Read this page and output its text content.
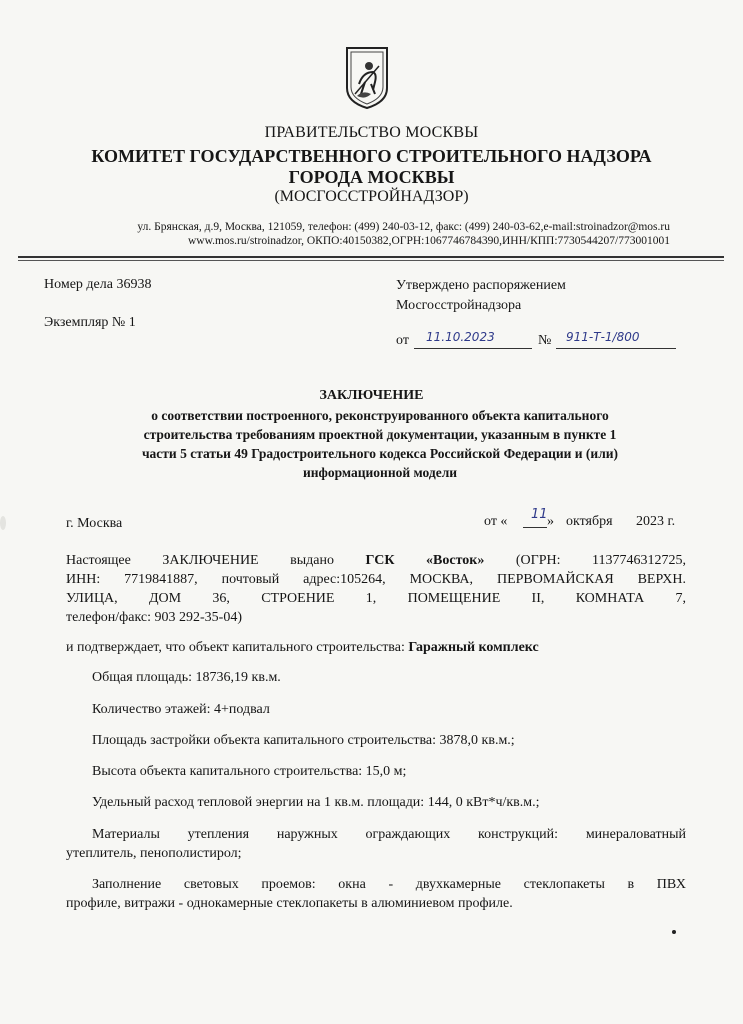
ПРАВИТЕЛЬСТВО МОСКВЫ
КОМИТЕТ ГОСУДАРСТВЕННОГО СТРОИТЕЛЬНОГО НАДЗОРА
ГОРОДА МОСКВЫ
(МОСГОССТРОЙНАДЗОР)
ул. Брянская, д.9, Москва, 121059, телефон: (499) 240-03-12, факс: (499) 240-03-62,e-mail:stroinadzor@mos.ru
www.mos.ru/stroinadzor, ОКПО:40150382,ОГРН:1067746784390,ИНН/КПП:7730544207/773001001
Номер дела 36938
Экземпляр № 1
Утверждено распоряжением
Мосгосстройнадзора
от 11.10.2023	№ 911-Т-1/800
ЗАКЛЮЧЕНИЕ
о соответствии построенного, реконструированного объекта капитального
строительства требованиям проектной документации, указанным в пункте 1
части 5 статьи 49 Градостроительного кодекса Российской Федерации и (или)
информационной модели
г. Москва	от « 11 » октября 2023 г.
Настоящее ЗАКЛЮЧЕНИЕ выдано ГСК «Восток» (ОГРН: 1137746312725,
ИНН: 7719841887, почтовый адрес:105264, МОСКВА, ПЕРВОМАЙСКАЯ ВЕРХН.
УЛИЦА, ДОМ 36, СТРОЕНИЕ 1, ПОМЕЩЕНИЕ II, КОМНАТА 7,
телефон/факс: 903 292-35-04)
и подтверждает, что объект капитального строительства: Гаражный комплекс
Общая площадь: 18736,19 кв.м.
Количество этажей: 4+подвал
Площадь застройки объекта капитального строительства: 3878,0 кв.м.;
Высота объекта капитального строительства: 15,0 м;
Удельный расход тепловой энергии на 1 кв.м. площади: 144, 0 кВт*ч/кв.м.;
Материалы утепления наружных ограждающих конструкций: минераловатный
утеплитель, пенополистирол;
Заполнение световых проемов: окна - двухкамерные стеклопакеты в ПВХ
профиле, витражи - однокамерные стеклопакеты в алюминиевом профиле.
